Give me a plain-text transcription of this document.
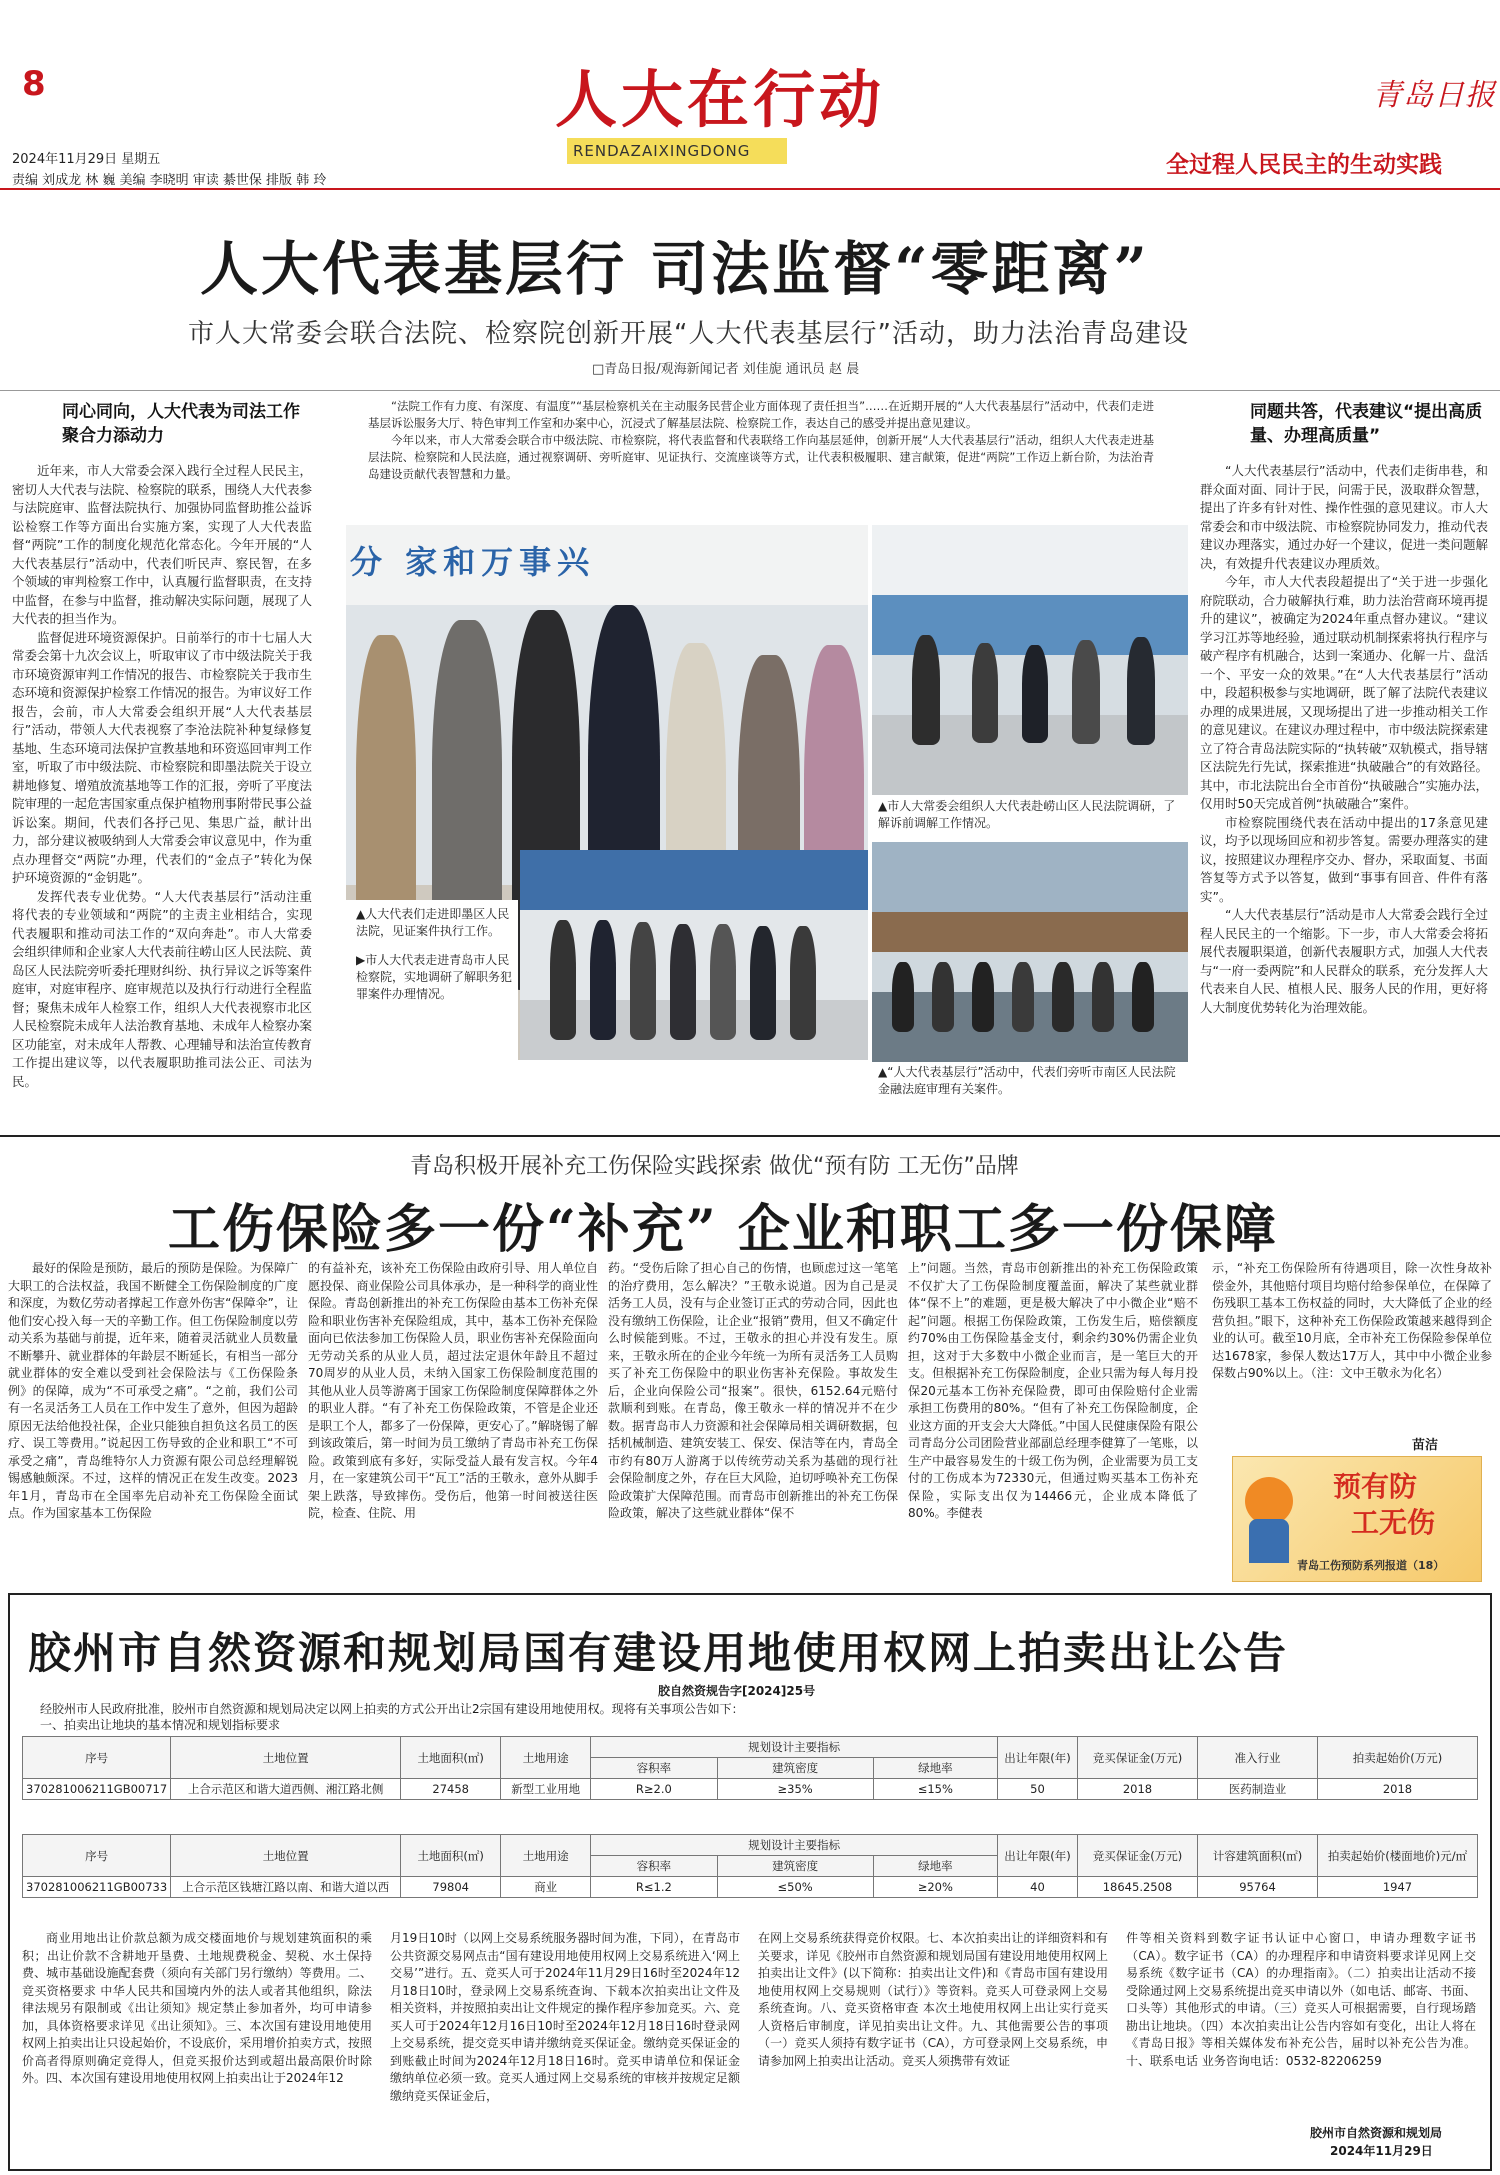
8	人大在行动
RENDAZAIXINGDONG
青岛日报
2024年11月29日 星期五
责编 刘成龙 林 巍 美编 李晓明 审读 綦世保 排版 韩 玲
全过程人民民主的生动实践
人大代表基层行 司法监督“零距离”
市人大常委会联合法院、检察院创新开展“人大代表基层行”活动，助力法治青岛建设
□青岛日报/观海新闻记者 刘佳旎 通讯员 赵 晨
同心同向，人大代表为司法工作聚合力添动力

近年来，市人大常委会深入践行全过程人民民主，密切人大代表与法院、检察院的联系，围绕人大代表参与法院庭审、监督法院执行、加强协同监督助推公益诉讼检察工作等方面出台实施方案，实现了人大代表监督“两院”工作的制度化规范化常态化。今年开展的“人大代表基层行”活动中，代表们听民声、察民智，在多个领域的审判检察工作中，认真履行监督职责，在支持中监督，在参与中监督，推动解决实际问题，展现了人大代表的担当作为。

监督促进环境资源保护。日前举行的市十七届人大常委会第十九次会议上，听取审议了市中级法院关于我市环境资源审判工作情况的报告、市检察院关于我市生态环境和资源保护检察工作情况的报告。为审议好工作报告，会前，市人大常委会组织开展“人大代表基层行”活动，带领人大代表视察了李沧法院补种复绿修复基地、生态环境司法保护宣教基地和环资巡回审判工作室，听取了市中级法院、市检察院和即墨法院关于设立耕地修复、增殖放流基地等工作的汇报，旁听了平度法院审理的一起危害国家重点保护植物刑事附带民事公益诉讼案。期间，代表们各抒己见、集思广益，献计出力，部分建议被吸纳到人大常委会审议意见中，作为重点办理督交“两院”办理，代表们的“金点子”转化为保护环境资源的“金钥匙”。

发挥代表专业优势。“人大代表基层行”活动注重将代表的专业领域和“两院”的主责主业相结合，实现代表履职和推动司法工作的“双向奔赴”。市人大常委会组织律师和企业家人大代表前往崂山区人民法院、黄岛区人民法院旁听委托理财纠纷、执行异议之诉等案件庭审，对庭审程序、庭审规范以及执行行动进行全程监督；聚焦未成年人检察工作，组织人大代表视察市北区人民检察院未成年人法治教育基地、未成年人检察办案区功能室，对未成年人帮教、心理辅导和法治宣传教育工作提出建议等，以代表履职助推司法公正、司法为民。

“法院工作有力度、有深度、有温度”“基层检察机关在主动服务民营企业方面体现了责任担当”……在近期开展的“人大代表基层行”活动中，代表们走进基层诉讼服务大厅、特色审判工作室和办案中心，沉浸式了解基层法院、检察院工作，表达自己的感受并提出意见建议。

今年以来，市人大常委会联合市中级法院、市检察院，将代表监督和代表联络工作向基层延伸，创新开展“人大代表基层行”活动，组织人大代表走进基层法院、检察院和人民法庭，通过视察调研、旁听庭审、见证执行、交流座谈等方式，让代表积极履职、建言献策，促进“两院”工作迈上新台阶，为法治青岛建设贡献代表智慧和力量。

分 家和万事兴
▲人大代表们走进即墨区人民法院，见证案件执行工作。
▶市人大代表走进青岛市人民检察院，实地调研了解职务犯罪案件办理情况。
▲市人大常委会组织人大代表赴崂山区人民法院调研，了解诉前调解工作情况。
▲“人大代表基层行”活动中，代表们旁听市南区人民法院金融法庭审理有关案件。
同题共答，代表建议“提出高质量、办理高质量”

“人大代表基层行”活动中，代表们走街串巷，和群众面对面、同计于民，问需于民，汲取群众智慧，提出了许多有针对性、操作性强的意见建议。市人大常委会和市中级法院、市检察院协同发力，推动代表建议办理落实，通过办好一个建议，促进一类问题解决，有效提升代表建议办理质效。

今年，市人大代表段超提出了“关于进一步强化府院联动，合力破解执行难，助力法治营商环境再提升的建议”，被确定为2024年重点督办建议。“建议学习江苏等地经验，通过联动机制探索将执行程序与破产程序有机融合，达到一案通办、化解一片、盘活一个、平安一众的效果。”在“人大代表基层行”活动中，段超积极参与实地调研，既了解了法院代表建议办理的成果进展，又现场提出了进一步推动相关工作的意见建议。在建议办理过程中，市中级法院探索建立了符合青岛法院实际的“执转破”双轨模式，指导辖区法院先行先试，探索推进“执破融合”的有效路径。其中，市北法院出台全市首份“执破融合”实施办法，仅用时50天完成首例“执破融合”案件。

市检察院围绕代表在活动中提出的17条意见建议，均予以现场回应和初步答复。需要办理落实的建议，按照建议办理程序交办、督办，采取面复、书面答复等方式予以答复，做到“事事有回音、件件有落实”。

“人大代表基层行”活动是市人大常委会践行全过程人民民主的一个缩影。下一步，市人大常委会将拓展代表履职渠道，创新代表履职方式，加强人大代表与“一府一委两院”和人民群众的联系，充分发挥人大代表来自人民、植根人民、服务人民的作用，更好将人大制度优势转化为治理效能。

青岛积极开展补充工伤保险实践探索 做优“预有防 工无伤”品牌
工伤保险多一份“补充” 企业和职工多一份保障

最好的保险是预防，最后的预防是保险。为保障广大职工的合法权益，我国不断健全工伤保险制度的广度和深度，为数亿劳动者撑起工作意外伤害“保障伞”，让他们安心投入每一天的辛勤工作。但工伤保险制度以劳动关系为基础与前提，近年来，随着灵活就业人员数量不断攀升、就业群体的年龄层不断延长，有相当一部分就业群体的安全难以受到社会保险法与《工伤保险条例》的保障，成为“不可承受之痛”。“之前，我们公司有一名灵活务工人员在工作中发生了意外，但因为超龄原因无法给他投社保，企业只能独自担负这名员工的医疗、误工等费用。”说起因工伤导致的企业和职工“不可承受之痛”，青岛维特尔人力资源有限公司总经理解锐锡感触颇深。不过，这样的情况正在发生改变。2023年1月，青岛市在全国率先启动补充工伤保险全面试点。作为国家基本工伤保险

的有益补充，该补充工伤保险由政府引导、用人单位自愿投保、商业保险公司具体承办，是一种科学的商业性保险。青岛创新推出的补充工伤保险由基本工伤补充保险和职业伤害补充保险组成，其中，基本工伤补充保险面向已依法参加工伤保险人员，职业伤害补充保险面向无劳动关系的从业人员，超过法定退休年龄且不超过70周岁的从业人员，未纳入国家工伤保险制度范围的其他从业人员等游离于国家工伤保险制度保障群体之外的职业人群。“有了补充工伤保险政策，不管是企业还是职工个人，都多了一份保障，更安心了。”解晓锡了解到该政策后，第一时间为员工缴纳了青岛市补充工伤保险。政策到底有多好，实际受益人最有发言权。今年4月，在一家建筑公司干“瓦工”活的王敬永，意外从脚手架上跌落，导致摔伤。受伤后，他第一时间被送往医院，检查、住院、用

药。“受伤后除了担心自己的伤情，也顾虑过这一笔笔的治疗费用，怎么解决？”王敬永说道。因为自己是灵活务工人员，没有与企业签订正式的劳动合同，因此也没有缴纳工伤保险，让企业“报销”费用，但又不确定什么时候能到账。不过，王敬永的担心并没有发生。原来，王敬永所在的企业今年统一为所有灵活务工人员购买了补充工伤保险中的职业伤害补充保险。事故发生后，企业向保险公司“报案”。很快，6152.64元赔付款顺利到账。在青岛，像王敬永一样的情况并不在少数。据青岛市人力资源和社会保障局相关调研数据，包括机械制造、建筑安装工、保安、保洁等在内，青岛全市约有80万人游离于以传统劳动关系为基础的现行社会保险制度之外，存在巨大风险，迫切呼唤补充工伤保险政策扩大保障范围。而青岛市创新推出的补充工伤保险政策，解决了这些就业群体“保不

上”问题。当然，青岛市创新推出的补充工伤保险政策不仅扩大了工伤保险制度覆盖面，解决了某些就业群体“保不上”的难题，更是极大解决了中小微企业“赔不起”问题。根据工伤保险政策，工伤发生后，赔偿额度约70%由工伤保险基金支付，剩余约30%仍需企业负担，这对于大多数中小微企业而言，是一笔巨大的开支。但根据补充工伤保险制度，企业只需为每人每月投保20元基本工伤补充保险费，即可由保险赔付企业需承担工伤费用的80%。“但有了补充工伤保险制度，企业这方面的开支会大大降低。”中国人民健康保险有限公司青岛分公司团险营业部副总经理李健算了一笔账，以生产中最容易发生的十级工伤为例，企业需要为员工支付的工伤成本为72330元，但通过购买基本工伤补充保险，实际支出仅为14466元，企业成本降低了80%。李健表

示，“补充工伤保险所有待遇项目，除一次性身故补偿金外，其他赔付项目均赔付给参保单位，在保障了伤残职工基本工伤权益的同时，大大降低了企业的经营负担。”眼下，这种补充工伤保险政策越来越得到企业的认可。截至10月底，全市补充工伤保险参保单位达1678家，参保人数达17万人，其中中小微企业参保数占90%以上。（注：文中王敬永为化名）

苗洁
预有防
工无伤
青岛工伤预防系列报道（18）
胶州市自然资源和规划局国有建设用地使用权网上拍卖出让公告
胶自然资规告字[2024]25号
经胶州市人民政府批准，胶州市自然资源和规划局决定以网上拍卖的方式公开出让2宗国有建设用地使用权。现将有关事项公告如下：
一、拍卖出让地块的基本情况和规划指标要求
序号	土地位置	土地面积(㎡)	土地用途	规划设计主要指标			出让年限(年)	竞买保证金(万元)	准入行业	拍卖起始价(万元)
				容积率	建筑密度	绿地率				
370281006211GB00717	上合示范区和谐大道西侧、湘江路北侧	27458	新型工业用地	R≥2.0	≥35%	≤15%	50	2018	医药制造业	2018
序号	土地位置	土地面积(㎡)	土地用途	规划设计主要指标			出让年限(年)	竞买保证金(万元)	计容建筑面积(㎡)	拍卖起始价(楼面地价)元/㎡
				容积率	建筑密度	绿地率				
370281006211GB00733	上合示范区钱塘江路以南、和谐大道以西	79804	商业	R≤1.2	≤50%	≥20%	40	18645.2508	95764	1947

商业用地出让价款总额为成交楼面地价与规划建筑面积的乘积；出让价款不含耕地开垦费、土地规费税金、契税、水土保持费、城市基础设施配套费（须向有关部门另行缴纳）等费用。二、竞买资格要求 中华人民共和国境内外的法人或者其他组织，除法律法规另有限制或《出让须知》规定禁止参加者外，均可申请参加，具体资格要求详见《出让须知》。三、本次国有建设用地使用权网上拍卖出让只设起始价，不设底价，采用增价拍卖方式，按照价高者得原则确定竞得人，但竞买报价达到或超出最高限价时除外。四、本次国有建设用地使用权网上拍卖出让于2024年12

月19日10时（以网上交易系统服务器时间为准，下同），在青岛市公共资源交易网点击“国有建设用地使用权网上交易系统进入‘网上交易’”进行。五、竞买人可于2024年11月29日16时至2024年12月18日10时，登录网上交易系统查询、下载本次拍卖出让文件及相关资料，并按照拍卖出让文件规定的操作程序参加竞买。六、竞买人可于2024年12月16日10时至2024年12月18日16时登录网上交易系统，提交竞买申请并缴纳竞买保证金。缴纳竞买保证金的到账截止时间为2024年12月18日16时。竞买申请单位和保证金缴纳单位必须一致。竞买人通过网上交易系统的审核并按规定足额缴纳竞买保证金后，

在网上交易系统获得竞价权限。七、本次拍卖出让的详细资料和有关要求，详见《胶州市自然资源和规划局国有建设用地使用权网上拍卖出让文件》(以下简称：拍卖出让文件)和《青岛市国有建设用地使用权网上交易规则（试行）》等资料。竞买人可登录网上交易系统查询。八、竞买资格审查 本次土地使用权网上出让实行竞买人资格后审制度，详见拍卖出让文件。九、其他需要公告的事项 （一）竞买人须持有数字证书（CA），方可登录网上交易系统，申请参加网上拍卖出让活动。竞买人须携带有效证

件等相关资料到数字证书认证中心窗口，申请办理数字证书（CA）。数字证书（CA）的办理程序和申请资料要求详见网上交易系统《数字证书（CA）的办理指南》。（二）拍卖出让活动不接受除通过网上交易系统提出竞买申请以外（如电话、邮寄、书面、口头等）其他形式的申请。（三）竞买人可根据需要，自行现场踏勘出让地块。（四）本次拍卖出让公告内容如有变化，出让人将在《青岛日报》等相关媒体发布补充公告，届时以补充公告为准。十、联系电话 业务咨询电话：0532-82206259

胶州市自然资源和规划局
2024年11月29日
